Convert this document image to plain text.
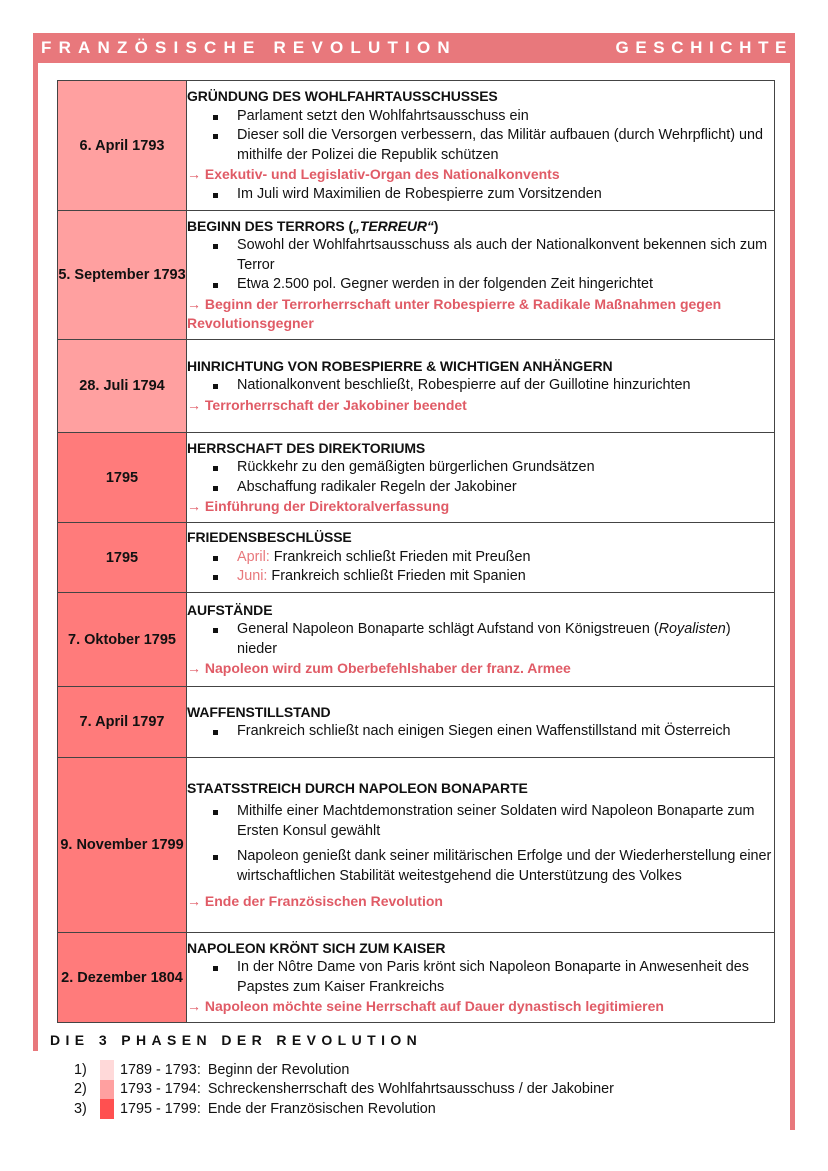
FRANZÖSISCHE REVOLUTION	GESCHICHTE
6. April 1793	
GRÜNDUNG DES WOHLFAHRTAUSSCHUSSES
Parlament setzt den Wohlfahrtsausschuss ein
Dieser soll die Versorgen verbessern, das Militär aufbauen (durch Wehrpflicht) und mithilfe der Polizei die Republik schützen
→ Exekutiv- und Legislativ-Organ des Nationalkonvents
Im Juli wird Maximilien de Robespierre zum Vorsitzenden

5. September 1793	
BEGINN DES TERRORS („TERREUR“)
Sowohl der Wohlfahrtsausschuss als auch der Nationalkonvent bekennen sich zum Terror
Etwa 2.500 pol. Gegner werden in der folgenden Zeit hingerichtet
→ Beginn der Terrorherrschaft unter Robespierre & Radikale Maßnahmen gegen Revolutionsgegner

28. Juli 1794	
HINRICHTUNG VON ROBESPIERRE & WICHTIGEN ANHÄNGERN
Nationalkonvent beschließt, Robespierre auf der Guillotine hinzurichten
→ Terrorherrschaft der Jakobiner beendet

1795	
HERRSCHAFT DES DIREKTORIUMS
Rückkehr zu den gemäßigten bürgerlichen Grundsätzen
Abschaffung radikaler Regeln der Jakobiner
→ Einführung der Direktoralverfassung

1795	
FRIEDENSBESCHLÜSSE
April: Frankreich schließt Frieden mit Preußen
Juni: Frankreich schließt Frieden mit Spanien

7. Oktober 1795	
AUFSTÄNDE
General Napoleon Bonaparte schlägt Aufstand von Königstreuen (Royalisten) nieder
→ Napoleon wird zum Oberbefehlshaber der franz. Armee

7. April 1797	
WAFFENSTILLSTAND
Frankreich schließt nach einigen Siegen einen Waffenstillstand mit Österreich

9. November 1799	
STAATSSTREICH DURCH NAPOLEON BONAPARTE
Mithilfe einer Machtdemonstration seiner Soldaten wird Napoleon Bonaparte zum Ersten Konsul gewählt
Napoleon genießt dank seiner militärischen Erfolge und der Wiederherstellung einer wirtschaftlichen Stabilität weitestgehend die Unterstützung des Volkes
→ Ende der Französischen Revolution

2. Dezember 1804	
NAPOLEON KRÖNT SICH ZUM KAISER
In der Nôtre Dame von Paris krönt sich Napoleon Bonaparte in Anwesenheit des Papstes zum Kaiser Frankreichs
→ Napoleon möchte seine Herrschaft auf Dauer dynastisch legitimieren
DIE 3 PHASEN DER REVOLUTION
1)	1789 - 1793: Beginn der Revolution
2)	1793 - 1794: Schreckensherrschaft des Wohlfahrtsausschuss / der Jakobiner
3)	1795 - 1799: Ende der Französischen Revolution
